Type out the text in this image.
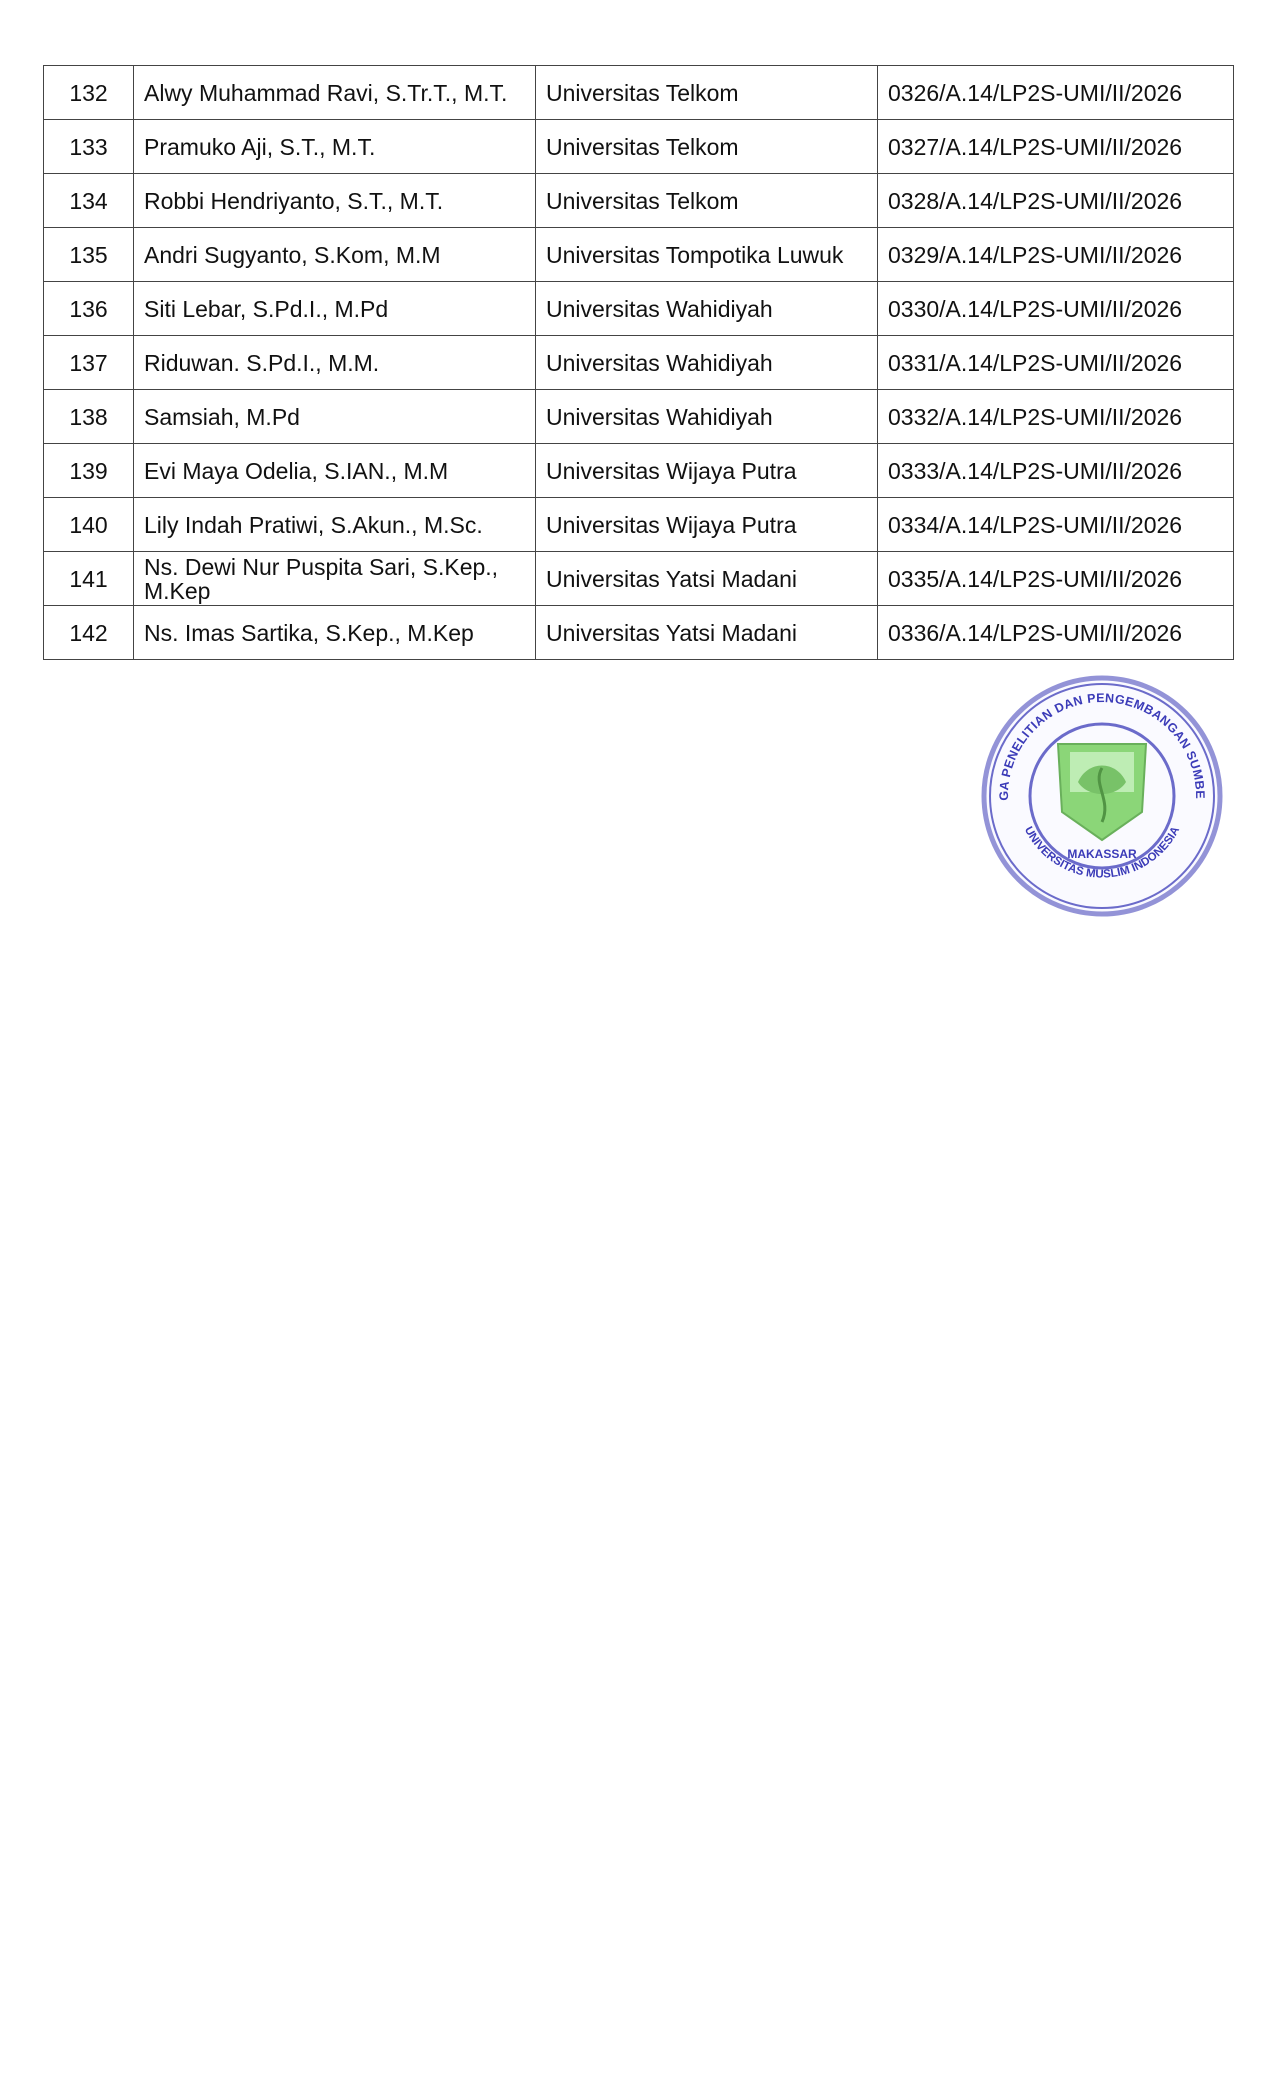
132	Alwy Muhammad Ravi, S.Tr.T., M.T.	Universitas Telkom	0326/A.14/LP2S-UMI/II/2026
133	Pramuko Aji, S.T., M.T.	Universitas Telkom	0327/A.14/LP2S-UMI/II/2026
134	Robbi Hendriyanto, S.T., M.T.	Universitas Telkom	0328/A.14/LP2S-UMI/II/2026
135	Andri Sugyanto, S.Kom, M.M	Universitas Tompotika Luwuk	0329/A.14/LP2S-UMI/II/2026
136	Siti Lebar, S.Pd.I., M.Pd	Universitas Wahidiyah	0330/A.14/LP2S-UMI/II/2026
137	Riduwan. S.Pd.I., M.M.	Universitas Wahidiyah	0331/A.14/LP2S-UMI/II/2026
138	Samsiah, M.Pd	Universitas Wahidiyah	0332/A.14/LP2S-UMI/II/2026
139	Evi Maya Odelia, S.IAN., M.M	Universitas Wijaya Putra	0333/A.14/LP2S-UMI/II/2026
140	Lily Indah Pratiwi, S.Akun., M.Sc.	Universitas Wijaya Putra	0334/A.14/LP2S-UMI/II/2026
141	Ns. Dewi Nur Puspita Sari, S.Kep., M.Kep	Universitas Yatsi Madani	0335/A.14/LP2S-UMI/II/2026
142	Ns. Imas Sartika, S.Kep., M.Kep	Universitas Yatsi Madani	0336/A.14/LP2S-UMI/II/2026
GA PENELITIAN DAN PENGEMBANGAN SUMBE
UNIVERSITAS MUSLIM INDONESIA
MAKASSAR
